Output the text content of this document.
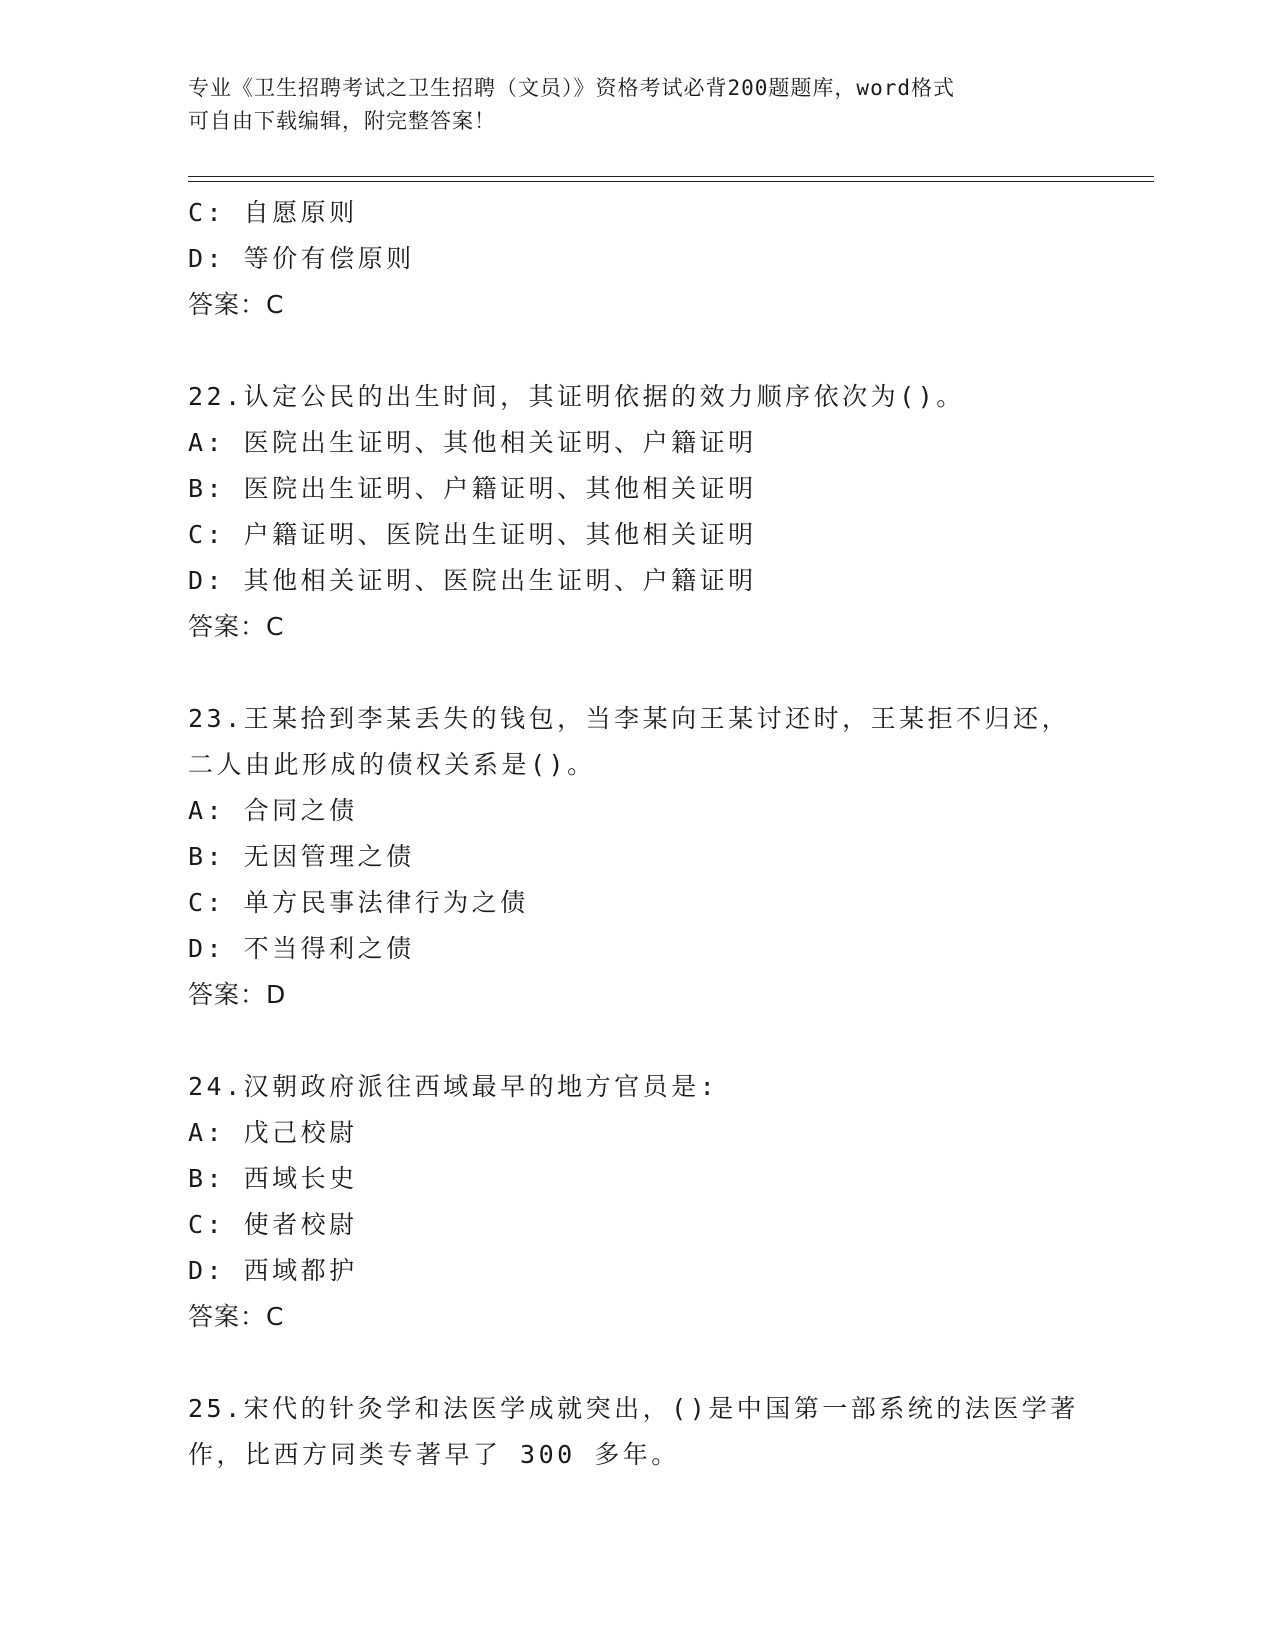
专业《卫生招聘考试之卫生招聘（文员）》资格考试必背200题题库，word格式
可自由下载编辑，附完整答案！
C: 自愿原则
D: 等价有偿原则
答案：C
22.认定公民的出生时间，其证明依据的效力顺序依次为()。
A: 医院出生证明、其他相关证明、户籍证明
B: 医院出生证明、户籍证明、其他相关证明
C: 户籍证明、医院出生证明、其他相关证明
D: 其他相关证明、医院出生证明、户籍证明
答案：C
23.王某拾到李某丢失的钱包，当李某向王某讨还时，王某拒不归还，
二人由此形成的债权关系是()。
A: 合同之债
B: 无因管理之债
C: 单方民事法律行为之债
D: 不当得利之债
答案：D
24.汉朝政府派往西域最早的地方官员是:
A: 戊己校尉
B: 西域长史
C: 使者校尉
D: 西域都护
答案：C
25.宋代的针灸学和法医学成就突出，()是中国第一部系统的法医学著
作，比西方同类专著早了 300 多年。
